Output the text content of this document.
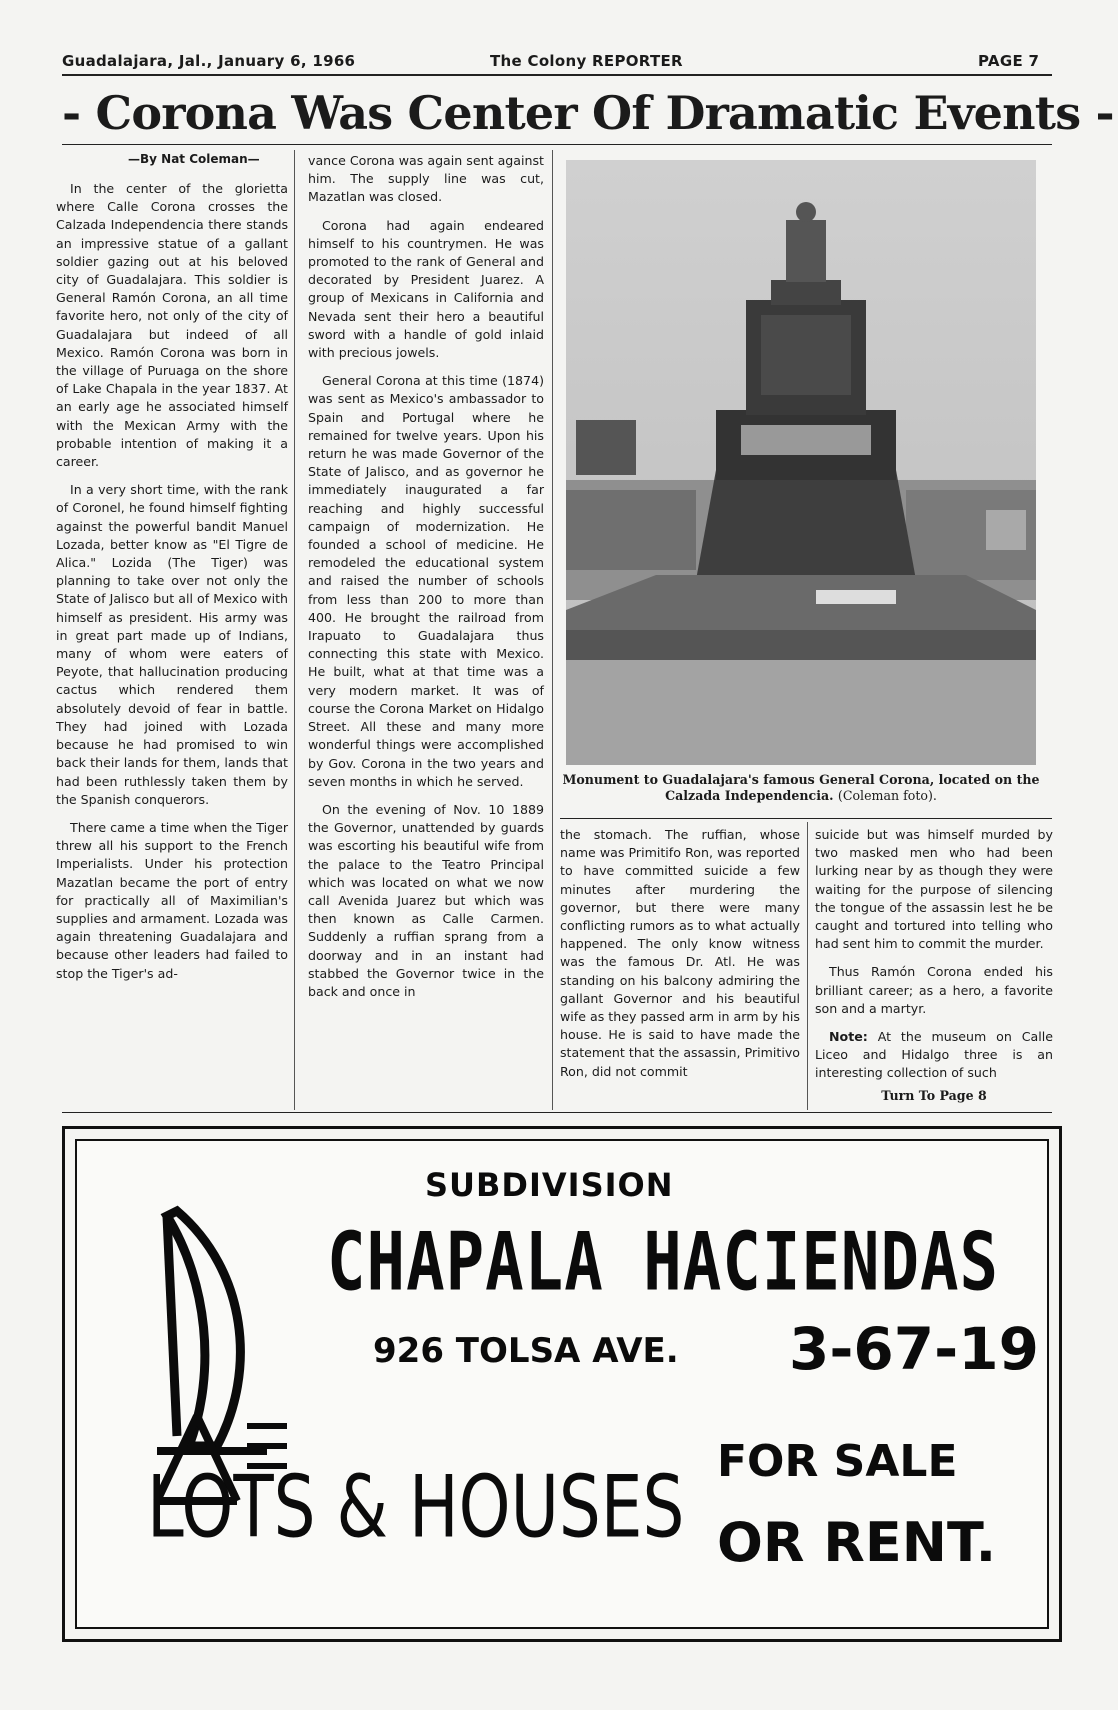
Guadalajara, Jal., January 6, 1966	The Colony REPORTER	PAGE 7
- Corona Was Center Of Dramatic Events -
—By Nat Coleman—

In the center of the glorietta where Calle Corona crosses the Calzada Independencia there stands an impressive statue of a gallant soldier gazing out at his beloved city of Guadalajara. This soldier is General Ramón Corona, an all time favorite hero, not only of the city of Guadalajara but indeed of all Mexico. Ramón Corona was born in the village of Puruaga on the shore of Lake Chapala in the year 1837. At an early age he associated himself with the Mexican Army with the probable intention of making it a career.

In a very short time, with the rank of Coronel, he found himself fighting against the powerful bandit Manuel Lozada, better know as "El Tigre de Alica." Lozida (The Tiger) was planning to take over not only the State of Jalisco but all of Mexico with himself as president. His army was in great part made up of Indians, many of whom were eaters of Peyote, that hallucination producing cactus which rendered them absolutely devoid of fear in battle. They had joined with Lozada because he had promised to win back their lands for them, lands that had been ruthlessly taken them by the Spanish conquerors.

There came a time when the Tiger threw all his support to the French Imperialists. Under his protection Mazatlan became the port of entry for practically all of Maximilian's supplies and armament. Lozada was again threatening Guadalajara and because other leaders had failed to stop the Tiger's ad-

vance Corona was again sent against him. The supply line was cut, Mazatlan was closed.

Corona had again endeared himself to his countrymen. He was promoted to the rank of General and decorated by President Juarez. A group of Mexicans in California and Nevada sent their hero a beautiful sword with a handle of gold inlaid with precious jowels.

General Corona at this time (1874) was sent as Mexico's ambassador to Spain and Portugal where he remained for twelve years. Upon his return he was made Governor of the State of Jalisco, and as governor he immediately inaugurated a far reaching and highly successful campaign of modernization. He founded a school of medicine. He remodeled the educational system and raised the number of schools from less than 200 to more than 400. He brought the railroad from Irapuato to Guadalajara thus connecting this state with Mexico. He built, what at that time was a very modern market. It was of course the Corona Market on Hidalgo Street. All these and many more wonderful things were accomplished by Gov. Corona in the two years and seven months in which he served.

On the evening of Nov. 10 1889 the Governor, unattended by guards was escorting his beautiful wife from the palace to the Teatro Principal which was located on what we now call Avenida Juarez but which was then known as Calle Carmen. Suddenly a ruffian sprang from a doorway and in an instant had stabbed the Governor twice in the back and once in

Monument to Guadalajara's famous General Corona, located on the Calzada Independencia. (Coleman foto).

the stomach. The ruffian, whose name was Primitifo Ron, was reported to have committed suicide a few minutes after murdering the governor, but there were many conflicting rumors as to what actually happened. The only know witness was the famous Dr. Atl. He was standing on his balcony admiring the gallant Governor and his beautiful wife as they passed arm in arm by his house. He is said to have made the statement that the assassin, Primitivo Ron, did not commit

suicide but was himself murded by two masked men who had been lurking near by as though they were waiting for the purpose of silencing the tongue of the assassin lest he be caught and tortured into telling who had sent him to commit the murder.

Thus Ramón Corona ended his brilliant career; as a hero, a favorite son and a martyr.

Note: At the museum on Calle Liceo and Hidalgo three is an interesting collection of such

Turn To Page 8
SUBDIVISION
CHAPALA HACIENDAS
926 TOLSA AVE. 3-67-19
LOTS & HOUSES FOR SALE
OR RENT.
